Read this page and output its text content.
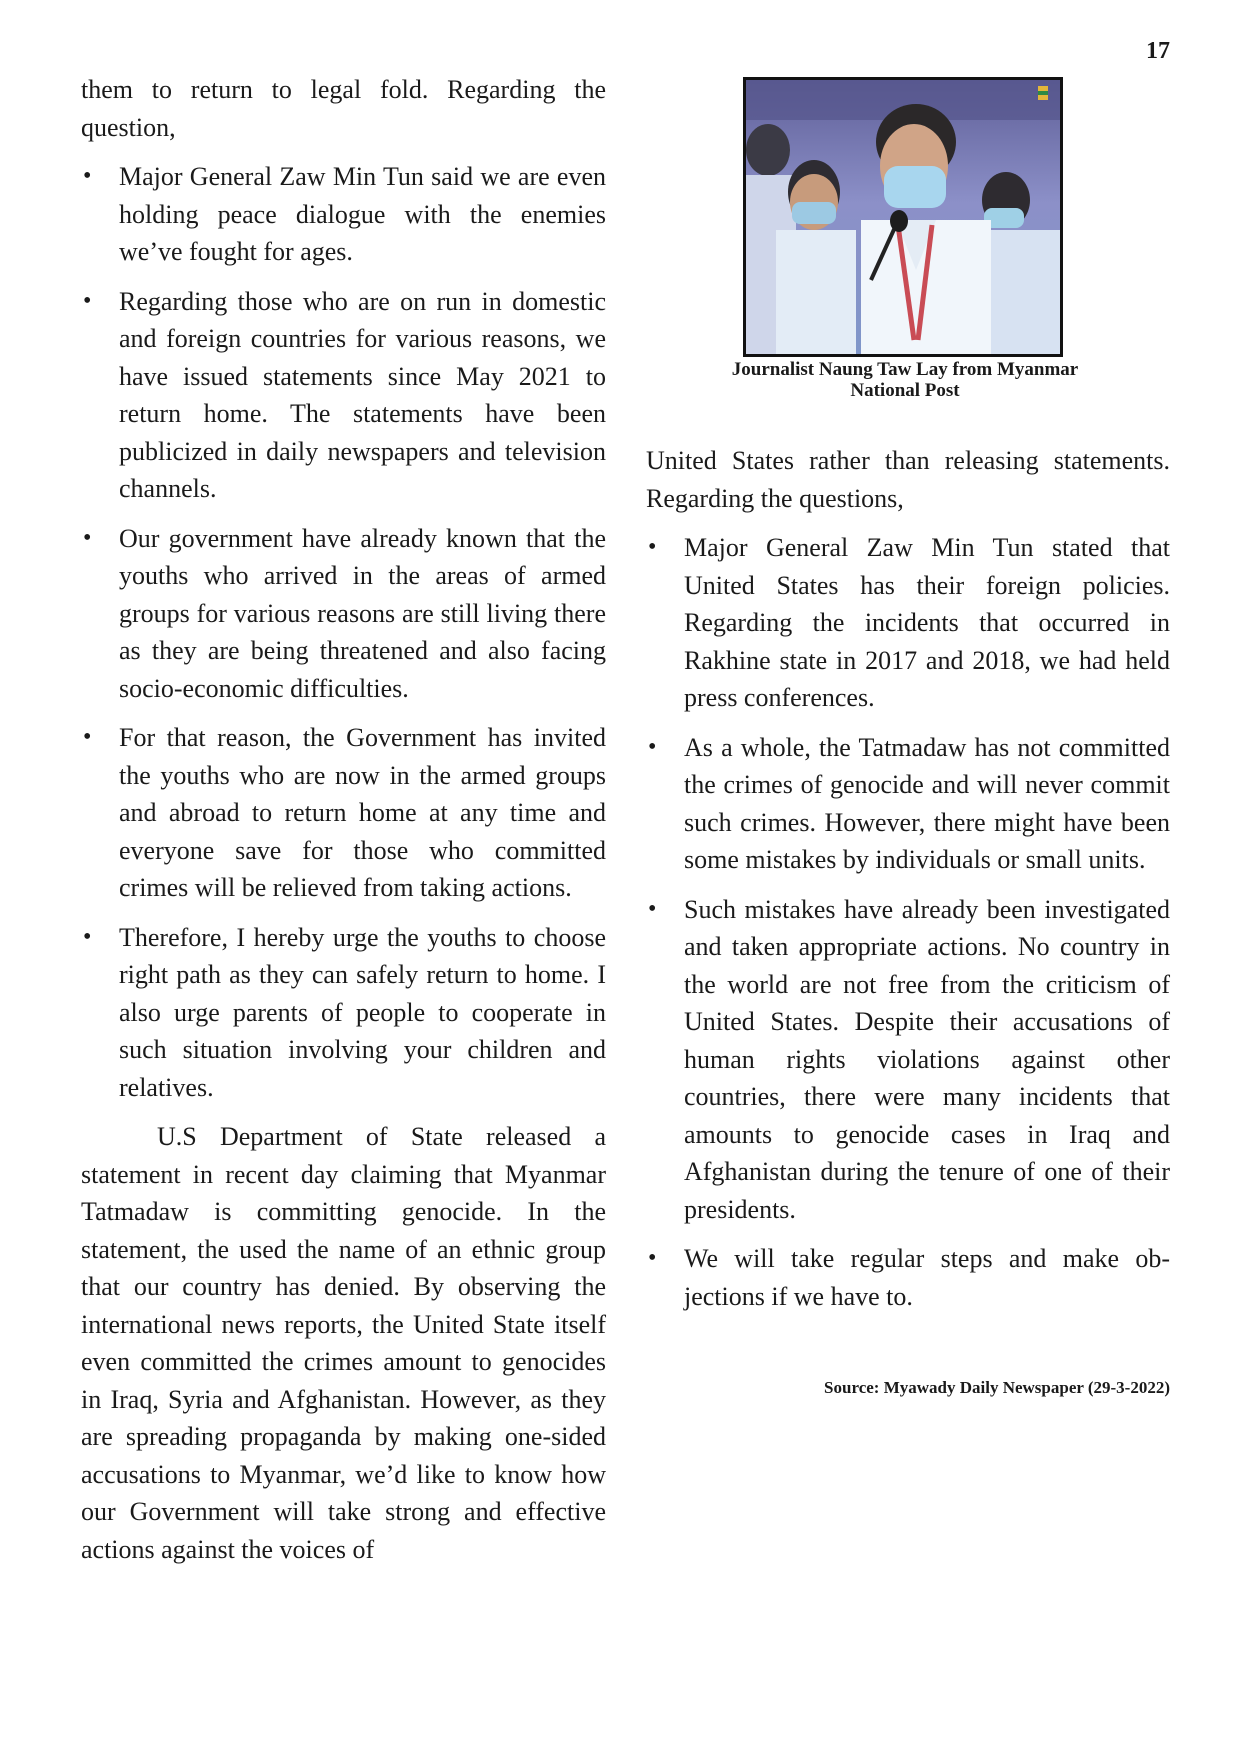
17

them to return to legal fold. Regarding the question,

• Major General Zaw Min Tun said we are even holding peace dialogue with the enemies we’ve fought for ages.
• Regarding those who are on run in domestic and foreign countries for various reasons, we have issued statements since May 2021 to return home. The statements have been publicized in daily newspapers and television channels.
• Our government have already known that the youths who arrived in the areas of armed groups for various reasons are still living there as they are being threatened and also facing socio-economic difficulties.
• For that reason, the Government has invited the youths who are now in the armed groups and abroad to return home at any time and everyone save for those who committed crimes will be relieved from taking actions.
• Therefore, I hereby urge the youths to choose right path as they can safely return to home. I also urge parents of people to cooperate in such situation involving your children and relatives.

U.S Department of State released a statement in recent day claiming that Myanmar Tatmadaw is committing genocide. In the statement, the used the name of an ethnic group that our country has denied. By observing the international news reports, the United State itself even committed the crimes amount to genocides in Iraq, Syria and Afghanistan. However, as they are spreading propaganda by making one-sided accusations to Myanmar, we’d like to know how our Government will take strong and effective actions against the voices of

Journalist Naung Taw Lay from Myanmar National Post

United States rather than releasing statements. Regarding the questions,

• Major General Zaw Min Tun stated that United States has their foreign policies. Regarding the incidents that occurred in Rakhine state in 2017 and 2018, we had held press conferences.
• As a whole, the Tatmadaw has not committed the crimes of genocide and will never commit such crimes. However, there might have been some mistakes by individuals or small units.
• Such mistakes have already been investigated and taken appropriate actions. No country in the world are not free from the criticism of United States. Despite their accusations of human rights violations against other countries, there were many incidents that amounts to genocide cases in Iraq and Afghanistan during the tenure of one of their presidents.
• We will take regular steps and make objections if we have to.
Source: Myawady Daily Newspaper (29-3-2022)
